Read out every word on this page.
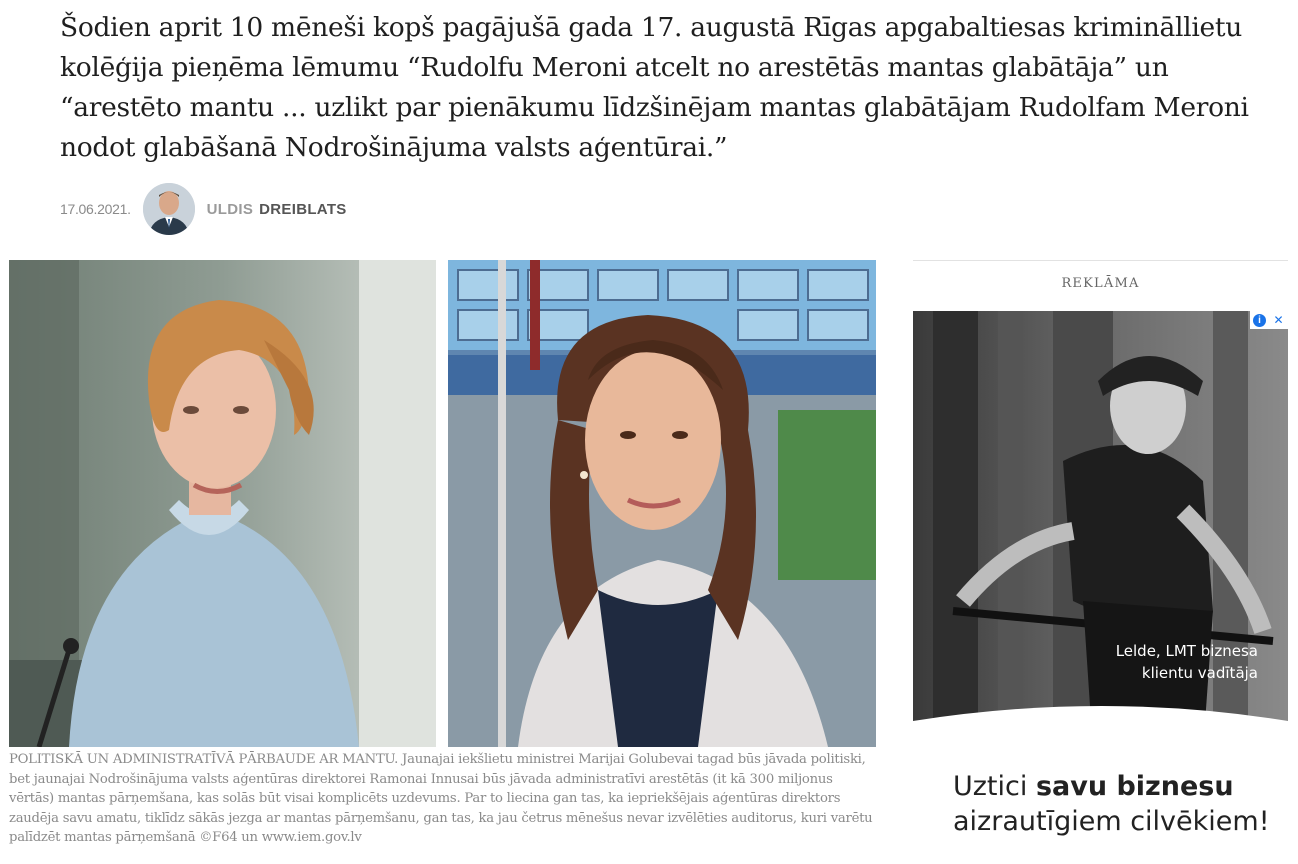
Šodien aprit 10 mēneši kopš pagājušā gada 17. augustā Rīgas apgabaltiesas krimināllietu kolēģija pieņēma lēmumu “Rudolfu Meroni atcelt no arestētās mantas glabātāja” un “arestēto mantu ... uzlikt par pienākumu līdzšinējam mantas glabātājam Rudolfam Meroni nodot glabāšanā Nodrošinājuma valsts aģentūrai.”

17.06.2021.	ULDIS DREIBLATS

POLITISKĀ UN ADMINISTRATĪVĀ PĀRBAUDE AR MANTU. Jaunajai iekšlietu ministrei Marijai Golubevai tagad būs jāvada politiski, bet jaunajai Nodrošinājuma valsts aģentūras direktorei Ramonai Innusai būs jāvada administratīvi arestētās (it kā 300 miljonus vērtās) mantas pārņemšana, kas solās būt visai komplicēts uzdevums. Par to liecina gan tas, ka iepriekšējais aģentūras direktors zaudēja savu amatu, tiklīdz sākās jezga ar mantas pārņemšanu, gan tas, ka jau četrus mēnešus nevar izvēlēties auditorus, kuri varētu palīdzēt mantas pārņemšanā ©F64 un www.iem.gov.lv

REKLĀMA
i	✕
Lelde, LMT biznesa
klientu vadītāja
Uztici savu biznesu
aizrautīgiem cilvēkiem!
